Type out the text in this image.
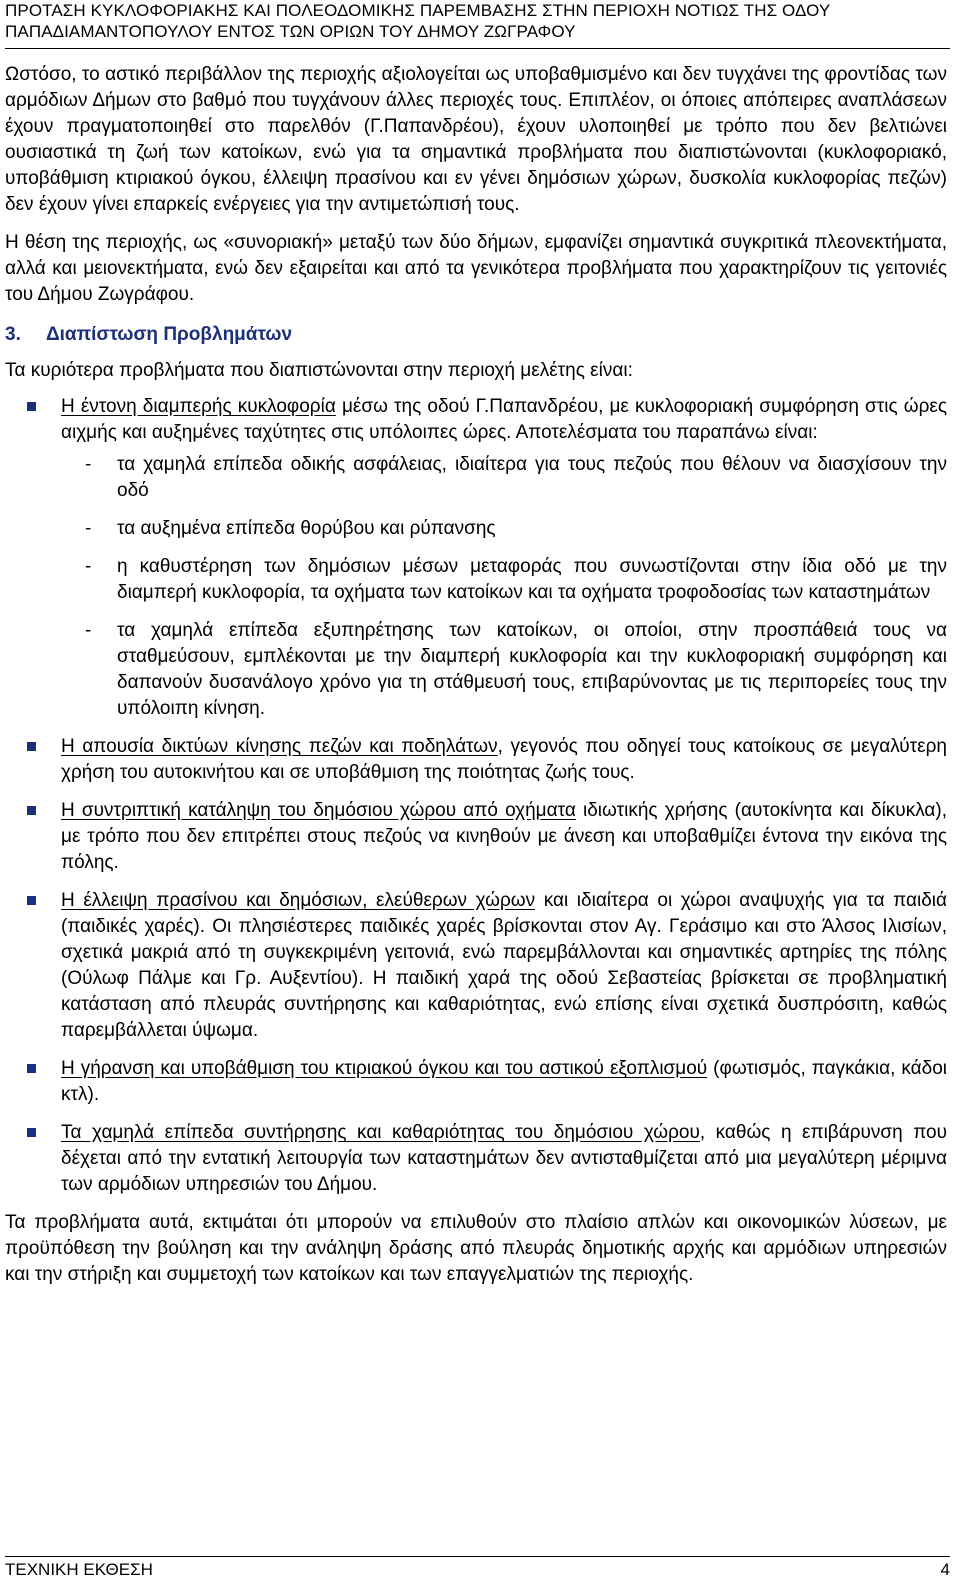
ΠΡΟΤΑΣΗ ΚΥΚΛΟΦΟΡΙΑΚΗΣ ΚΑΙ ΠΟΛΕΟΔΟΜΙΚΗΣ ΠΑΡΕΜΒΑΣΗΣ ΣΤΗΝ ΠΕΡΙΟΧΗ ΝΟΤΙΩΣ ΤΗΣ ΟΔΟΥ
ΠΑΠΑΔΙΑΜΑΝΤΟΠΟΥΛΟΥ ΕΝΤΟΣ ΤΩΝ ΟΡΙΩΝ ΤΟΥ ΔΗΜΟΥ ΖΩΓΡΑΦΟΥ

Ωστόσο, το αστικό περιβάλλον της περιοχής αξιολογείται ως υποβαθμισμένο και δεν τυγχάνει της φροντίδας των αρμόδιων Δήμων στο βαθμό που τυγχάνουν άλλες περιοχές τους. Επιπλέον, οι όποιες απόπειρες αναπλάσεων έχουν πραγματοποιηθεί στο παρελθόν (Γ.Παπανδρέου), έχουν υλοποιηθεί με τρόπο που δεν βελτιώνει ουσιαστικά τη ζωή των κατοίκων, ενώ για τα σημαντικά προβλήματα που διαπιστώνονται (κυκλοφοριακό, υποβάθμιση κτιριακού όγκου, έλλειψη πρασίνου και εν γένει δημόσιων χώρων, δυσκολία κυκλοφορίας πεζών) δεν έχουν γίνει επαρκείς ενέργειες για την αντιμετώπισή τους.

Η θέση της περιοχής, ως «συνοριακή» μεταξύ των δύο δήμων, εμφανίζει σημαντικά συγκριτικά πλεονεκτήματα, αλλά και μειονεκτήματα, ενώ δεν εξαιρείται και από τα γενικότερα προβλήματα που χαρακτηρίζουν τις γειτονιές του Δήμου Ζωγράφου.

3.	Διαπίστωση Προβλημάτων

Τα κυριότερα προβλήματα που διαπιστώνονται στην περιοχή μελέτης είναι:

Η έντονη διαμπερής κυκλοφορία μέσω της οδού Γ.Παπανδρέου, με κυκλοφοριακή συμφόρηση στις ώρες αιχμής και αυξημένες ταχύτητες στις υπόλοιπες ώρες. Αποτελέσματα του παραπάνω είναι:
- τα χαμηλά επίπεδα οδικής ασφάλειας, ιδιαίτερα για τους πεζούς που θέλουν να διασχίσουν την οδό
- τα αυξημένα επίπεδα θορύβου και ρύπανσης
- η καθυστέρηση των δημόσιων μέσων μεταφοράς που συνωστίζονται στην ίδια οδό με την διαμπερή κυκλοφορία, τα οχήματα των κατοίκων και τα οχήματα τροφοδοσίας των καταστημάτων
- τα χαμηλά επίπεδα εξυπηρέτησης των κατοίκων, οι οποίοι, στην προσπάθειά τους να σταθμεύσουν, εμπλέκονται με την διαμπερή κυκλοφορία και την κυκλοφοριακή συμφόρηση και δαπανούν δυσανάλογο χρόνο για τη στάθμευσή τους, επιβαρύνοντας με τις περιπορείες τους την υπόλοιπη κίνηση.
Η απουσία δικτύων κίνησης πεζών και ποδηλάτων, γεγονός που οδηγεί τους κατοίκους σε μεγαλύτερη χρήση του αυτοκινήτου και σε υποβάθμιση της ποιότητας ζωής τους.
Η συντριπτική κατάληψη του δημόσιου χώρου από οχήματα ιδιωτικής χρήσης (αυτοκίνητα και δίκυκλα), με τρόπο που δεν επιτρέπει στους πεζούς να κινηθούν με άνεση και υποβαθμίζει έντονα την εικόνα της πόλης.
Η έλλειψη πρασίνου και δημόσιων, ελεύθερων χώρων και ιδιαίτερα οι χώροι αναψυχής για τα παιδιά (παιδικές χαρές). Οι πλησιέστερες παιδικές χαρές βρίσκονται στον Αγ. Γεράσιμο και στο Άλσος Ιλισίων, σχετικά μακριά από τη συγκεκριμένη γειτονιά, ενώ παρεμβάλλονται και σημαντικές αρτηρίες της πόλης (Ούλωφ Πάλμε και Γρ. Αυξεντίου). Η παιδική χαρά της οδού Σεβαστείας βρίσκεται σε προβληματική κατάσταση από πλευράς συντήρησης και καθαριότητας, ενώ επίσης είναι σχετικά δυσπρόσιτη, καθώς παρεμβάλλεται ύψωμα.
Η γήρανση και υποβάθμιση του κτιριακού όγκου και του αστικού εξοπλισμού (φωτισμός, παγκάκια, κάδοι κτλ).
Τα χαμηλά επίπεδα συντήρησης και καθαριότητας του δημόσιου χώρου, καθώς η επιβάρυνση που δέχεται από την εντατική λειτουργία των καταστημάτων δεν αντισταθμίζεται από μια μεγαλύτερη μέριμνα των αρμόδιων υπηρεσιών του Δήμου.

Τα προβλήματα αυτά, εκτιμάται ότι μπορούν να επιλυθούν στο πλαίσιο απλών και οικονομικών λύσεων, με προϋπόθεση την βούληση και την ανάληψη δράσης από πλευράς δημοτικής αρχής και αρμόδιων υπηρεσιών και την στήριξη και συμμετοχή των κατοίκων και των επαγγελματιών της περιοχής.

ΤΕΧΝΙΚΗ ΕΚΘΕΣΗ	4
